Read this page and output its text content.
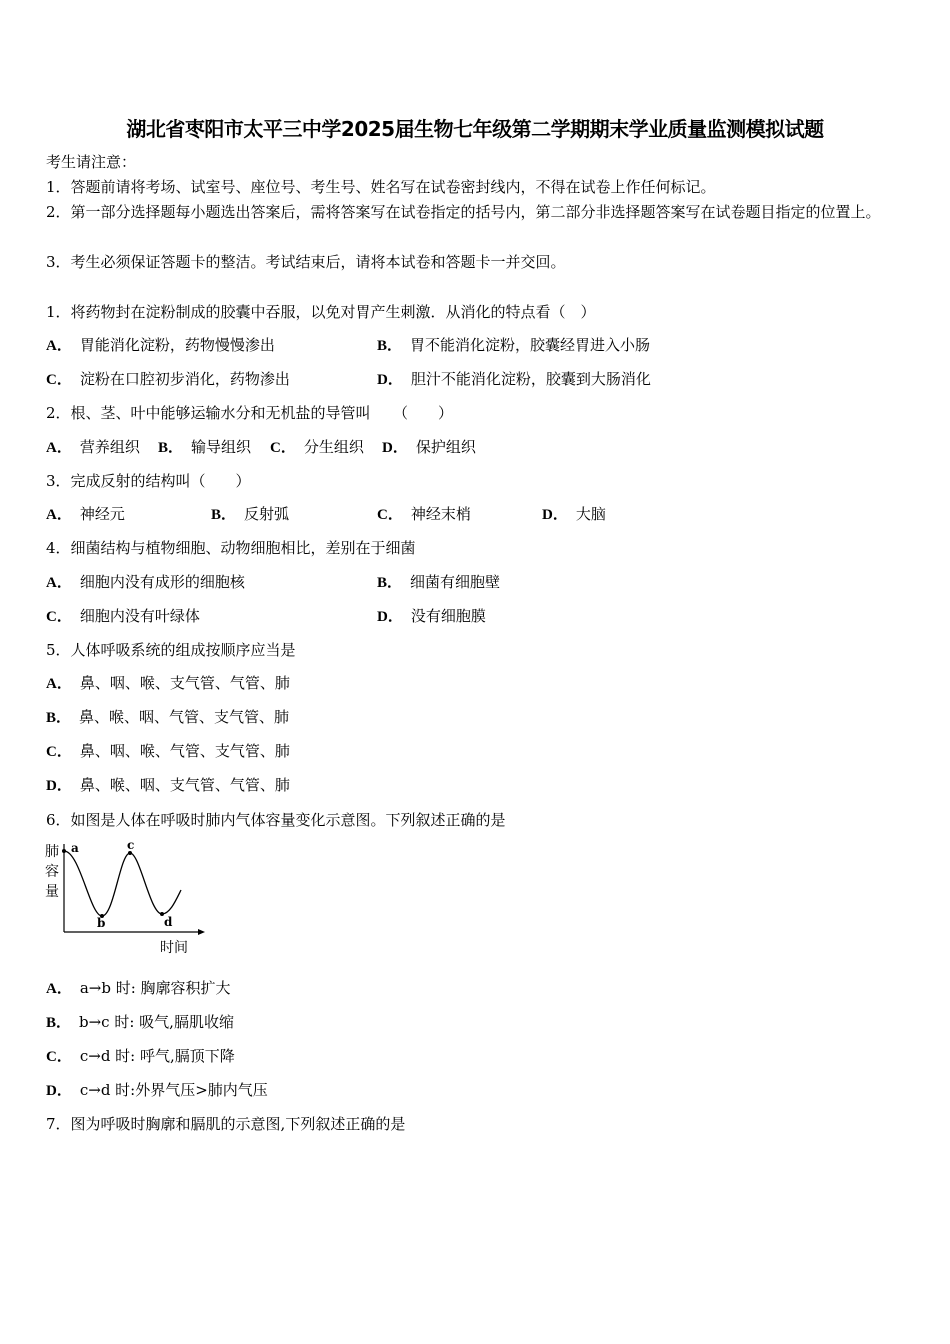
湖北省枣阳市太平三中学2025届生物七年级第二学期期末学业质量监测模拟试题
考生请注意：
1．答题前请将考场、试室号、座位号、考生号、姓名写在试卷密封线内，不得在试卷上作任何标记。
2．第一部分选择题每小题选出答案后，需将答案写在试卷指定的括号内，第二部分非选择题答案写在试卷题目指定的位置上。
3．考生必须保证答题卡的整洁。考试结束后，请将本试卷和答题卡一并交回。
1．将药物封在淀粉制成的胶囊中吞服，以免对胃产生刺激．从消化的特点看（　）
A． 胃能消化淀粉，药物慢慢渗出	B． 胃不能消化淀粉，胶囊经胃进入小肠
C． 淀粉在口腔初步消化，药物渗出	D． 胆汁不能消化淀粉，胶囊到大肠消化
2．根、茎、叶中能够运输水分和无机盐的导管叫　　（　　）
A． 营养组织 B． 输导组织 C． 分生组织 D． 保护组织
3．完成反射的结构叫（　　）
A． 神经元	B． 反射弧	C． 神经末梢	D． 大脑
4．细菌结构与植物细胞、动物细胞相比，差别在于细菌
A． 细胞内没有成形的细胞核	B． 细菌有细胞壁
C． 细胞内没有叶绿体	D． 没有细胞膜
5．人体呼吸系统的组成按顺序应当是
A． 鼻、咽、喉、支气管、气管、肺
B． 鼻、喉、咽、气管、支气管、肺
C． 鼻、咽、喉、气管、支气管、肺
D． 鼻、喉、咽、支气管、气管、肺
6．如图是人体在呼吸时肺内气体容量变化示意图。下列叙述正确的是
肺
容
量
a
b
c
d
时间
A． a→b 时: 胸廓容积扩大
B． b→c 时: 吸气,膈肌收缩
C． c→d 时: 呼气,膈顶下降
D． c→d 时:外界气压>肺内气压
7．图为呼吸时胸廓和膈肌的示意图,下列叙述正确的是
